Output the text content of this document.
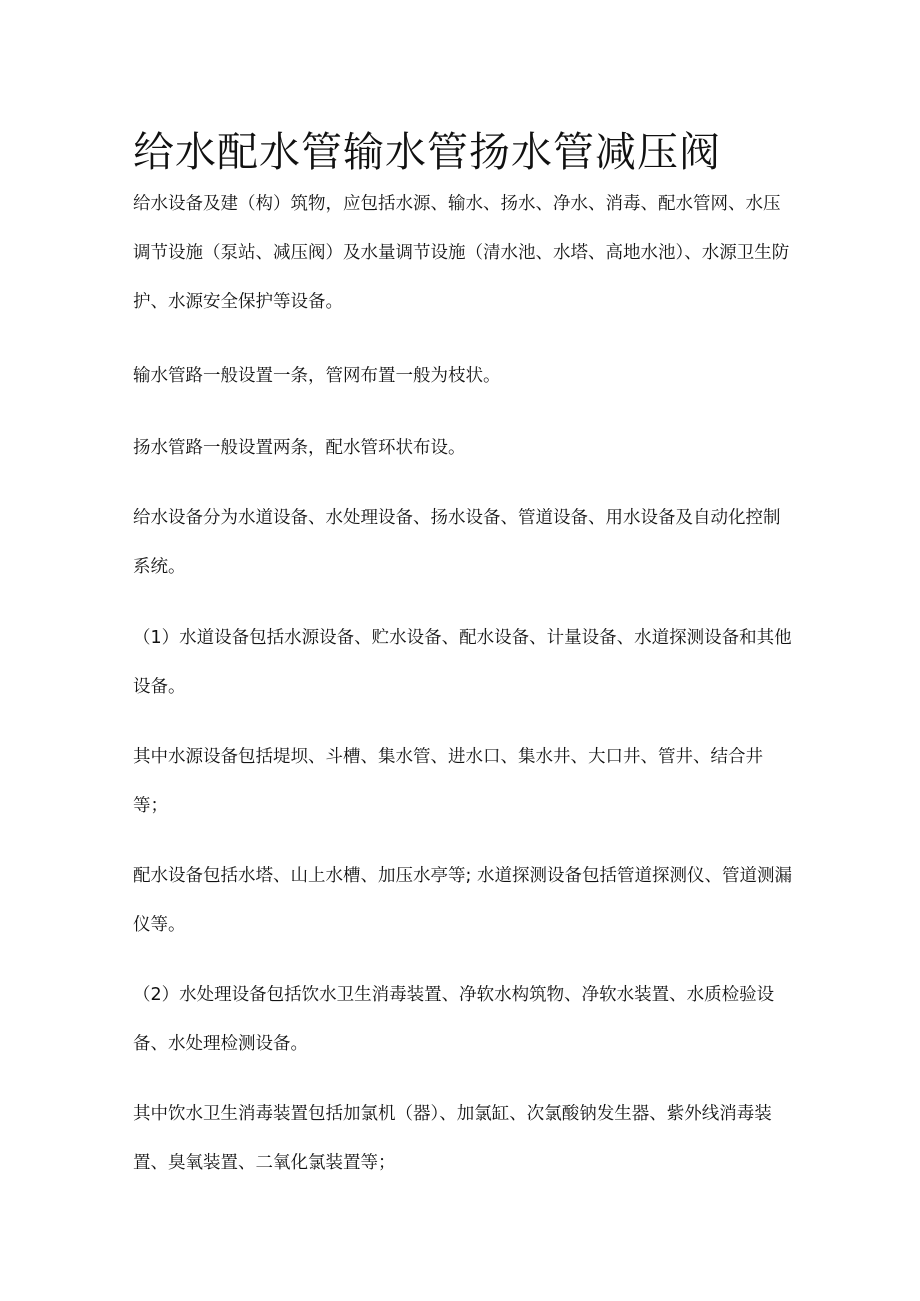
给水配水管输水管扬水管减压阀

给水设备及建（构）筑物，应包括水源、输水、扬水、净水、消毒、配水管网、水压调节设施（泵站、减压阀）及水量调节设施（清水池、水塔、高地水池）、水源卫生防护、水源安全保护等设备。

输水管路一般设置一条，管网布置一般为枝状。

扬水管路一般设置两条，配水管环状布设。

给水设备分为水道设备、水处理设备、扬水设备、管道设备、用水设备及自动化控制系统。

（1）水道设备包括水源设备、贮水设备、配水设备、计量设备、水道探测设备和其他设备。

其中水源设备包括堤坝、斗槽、集水管、进水口、集水井、大口井、管井、结合井等；

配水设备包括水塔、山上水槽、加压水亭等; 水道探测设备包括管道探测仪、管道测漏仪等。

（2）水处理设备包括饮水卫生消毒装置、净软水构筑物、净软水装置、水质检验设备、水处理检测设备。

其中饮水卫生消毒装置包括加氯机（器）、加氯缸、次氯酸钠发生器、紫外线消毒装置、臭氧装置、二氧化氯装置等；
